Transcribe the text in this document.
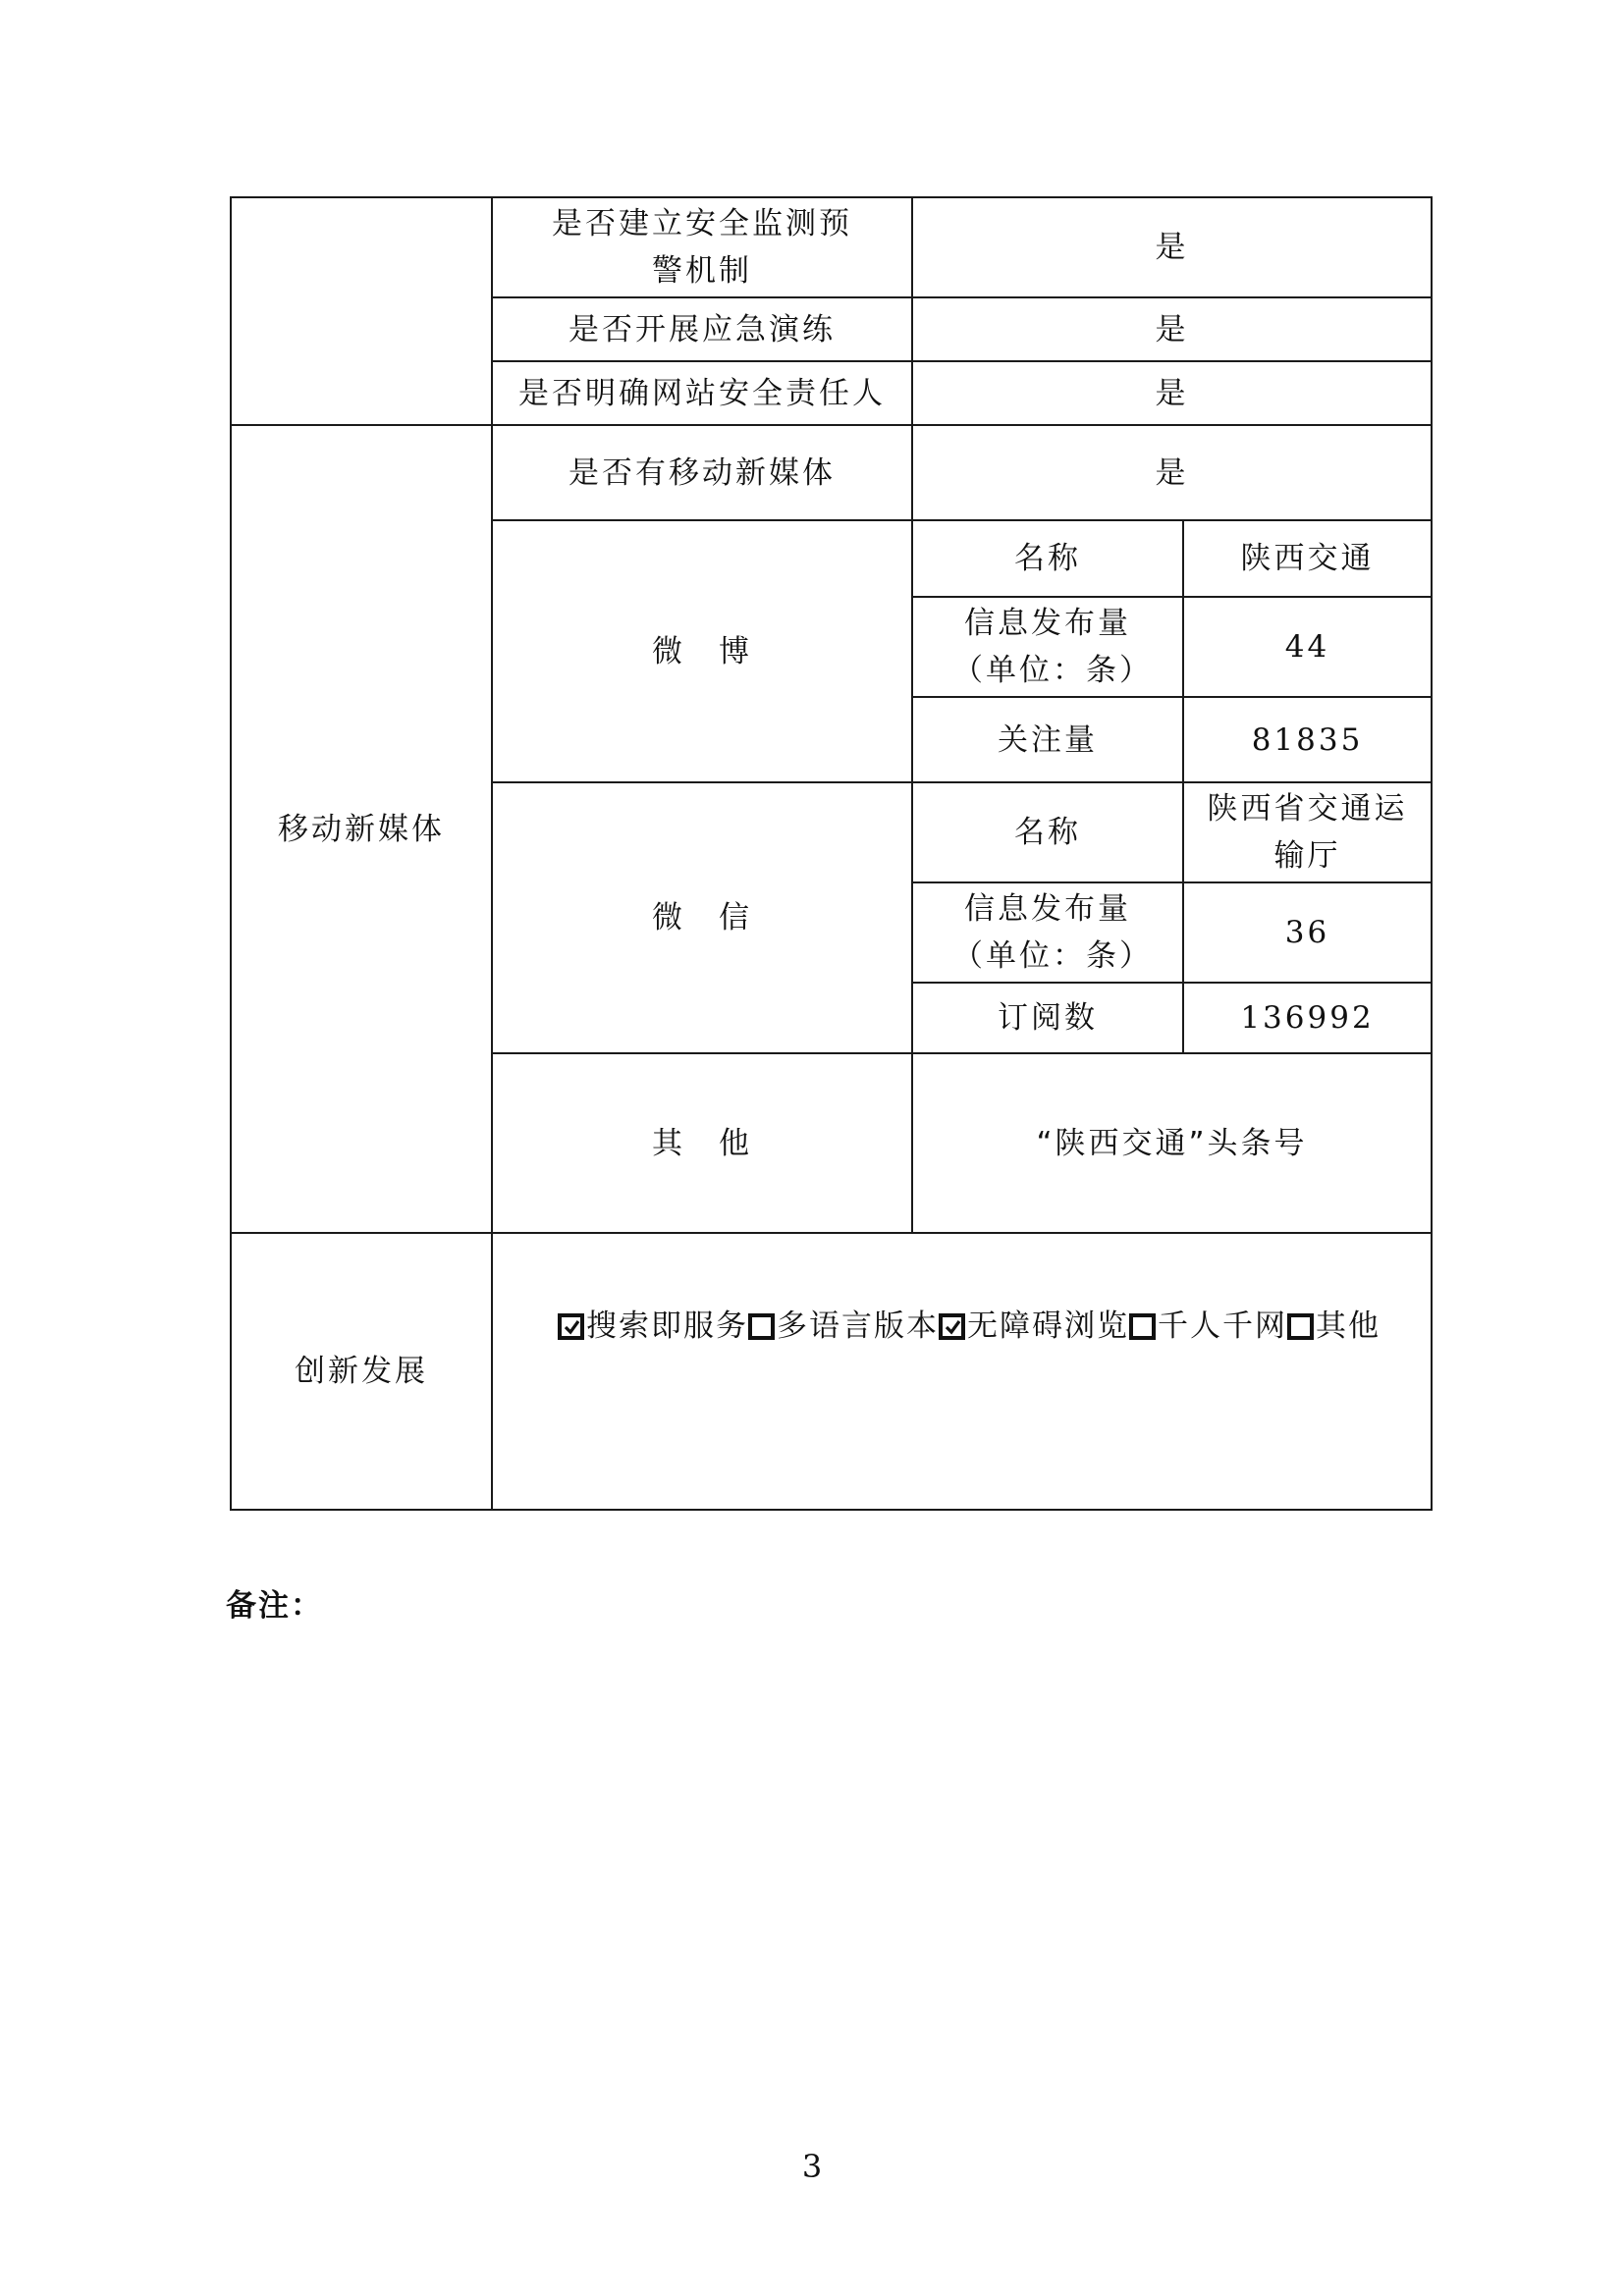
	是否建立安全监测预警机制	是	
	是否开展应急演练	是	
	是否明确网站安全责任人	是	
移动新媒体	是否有移动新媒体	是	
	微　博	名称	陕西交通
		信息发布量（单位：条）	44
		关注量	81835
	微　信	名称	陕西省交通运输厅
		信息发布量（单位：条）	36
		订阅数	136992
	其　他	“陕西交通”头条号	
创新发展	搜索即服务 多语言版本 无障碍浏览 千人千网 其他		
备注：
3
